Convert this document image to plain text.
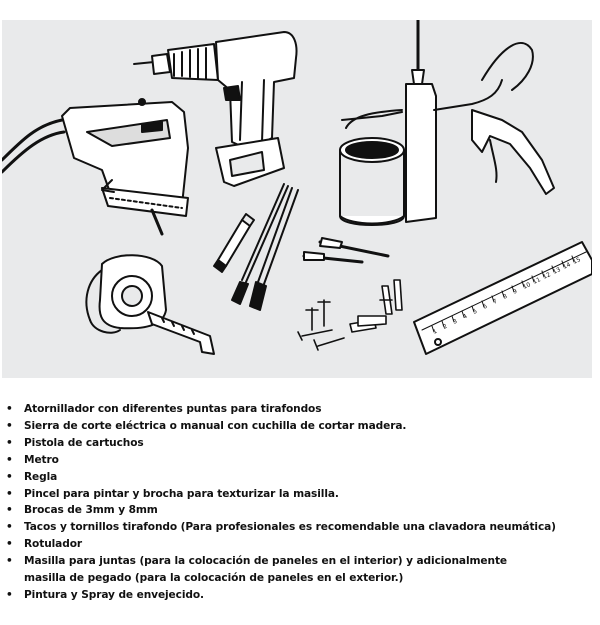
1
2
3
4
5
6
7
8
9
10
11
12
13
14
15
• Atornillador con diferentes puntas para tirafondos
• Sierra de corte eléctrica o manual con cuchilla de cortar madera.
• Pistola de cartuchos
• Metro
• Regla
• Pincel para pintar y brocha para texturizar la masilla.
• Brocas de 3mm y 8mm
• Tacos y tornillos tirafondo (Para profesionales es recomendable una clavadora neumática)
• Rotulador
• Masilla para juntas (para la colocación de paneles en el interior) y adicionalmente
masilla de pegado (para la colocación de paneles en el exterior.)
• Pintura y Spray de envejecido.
